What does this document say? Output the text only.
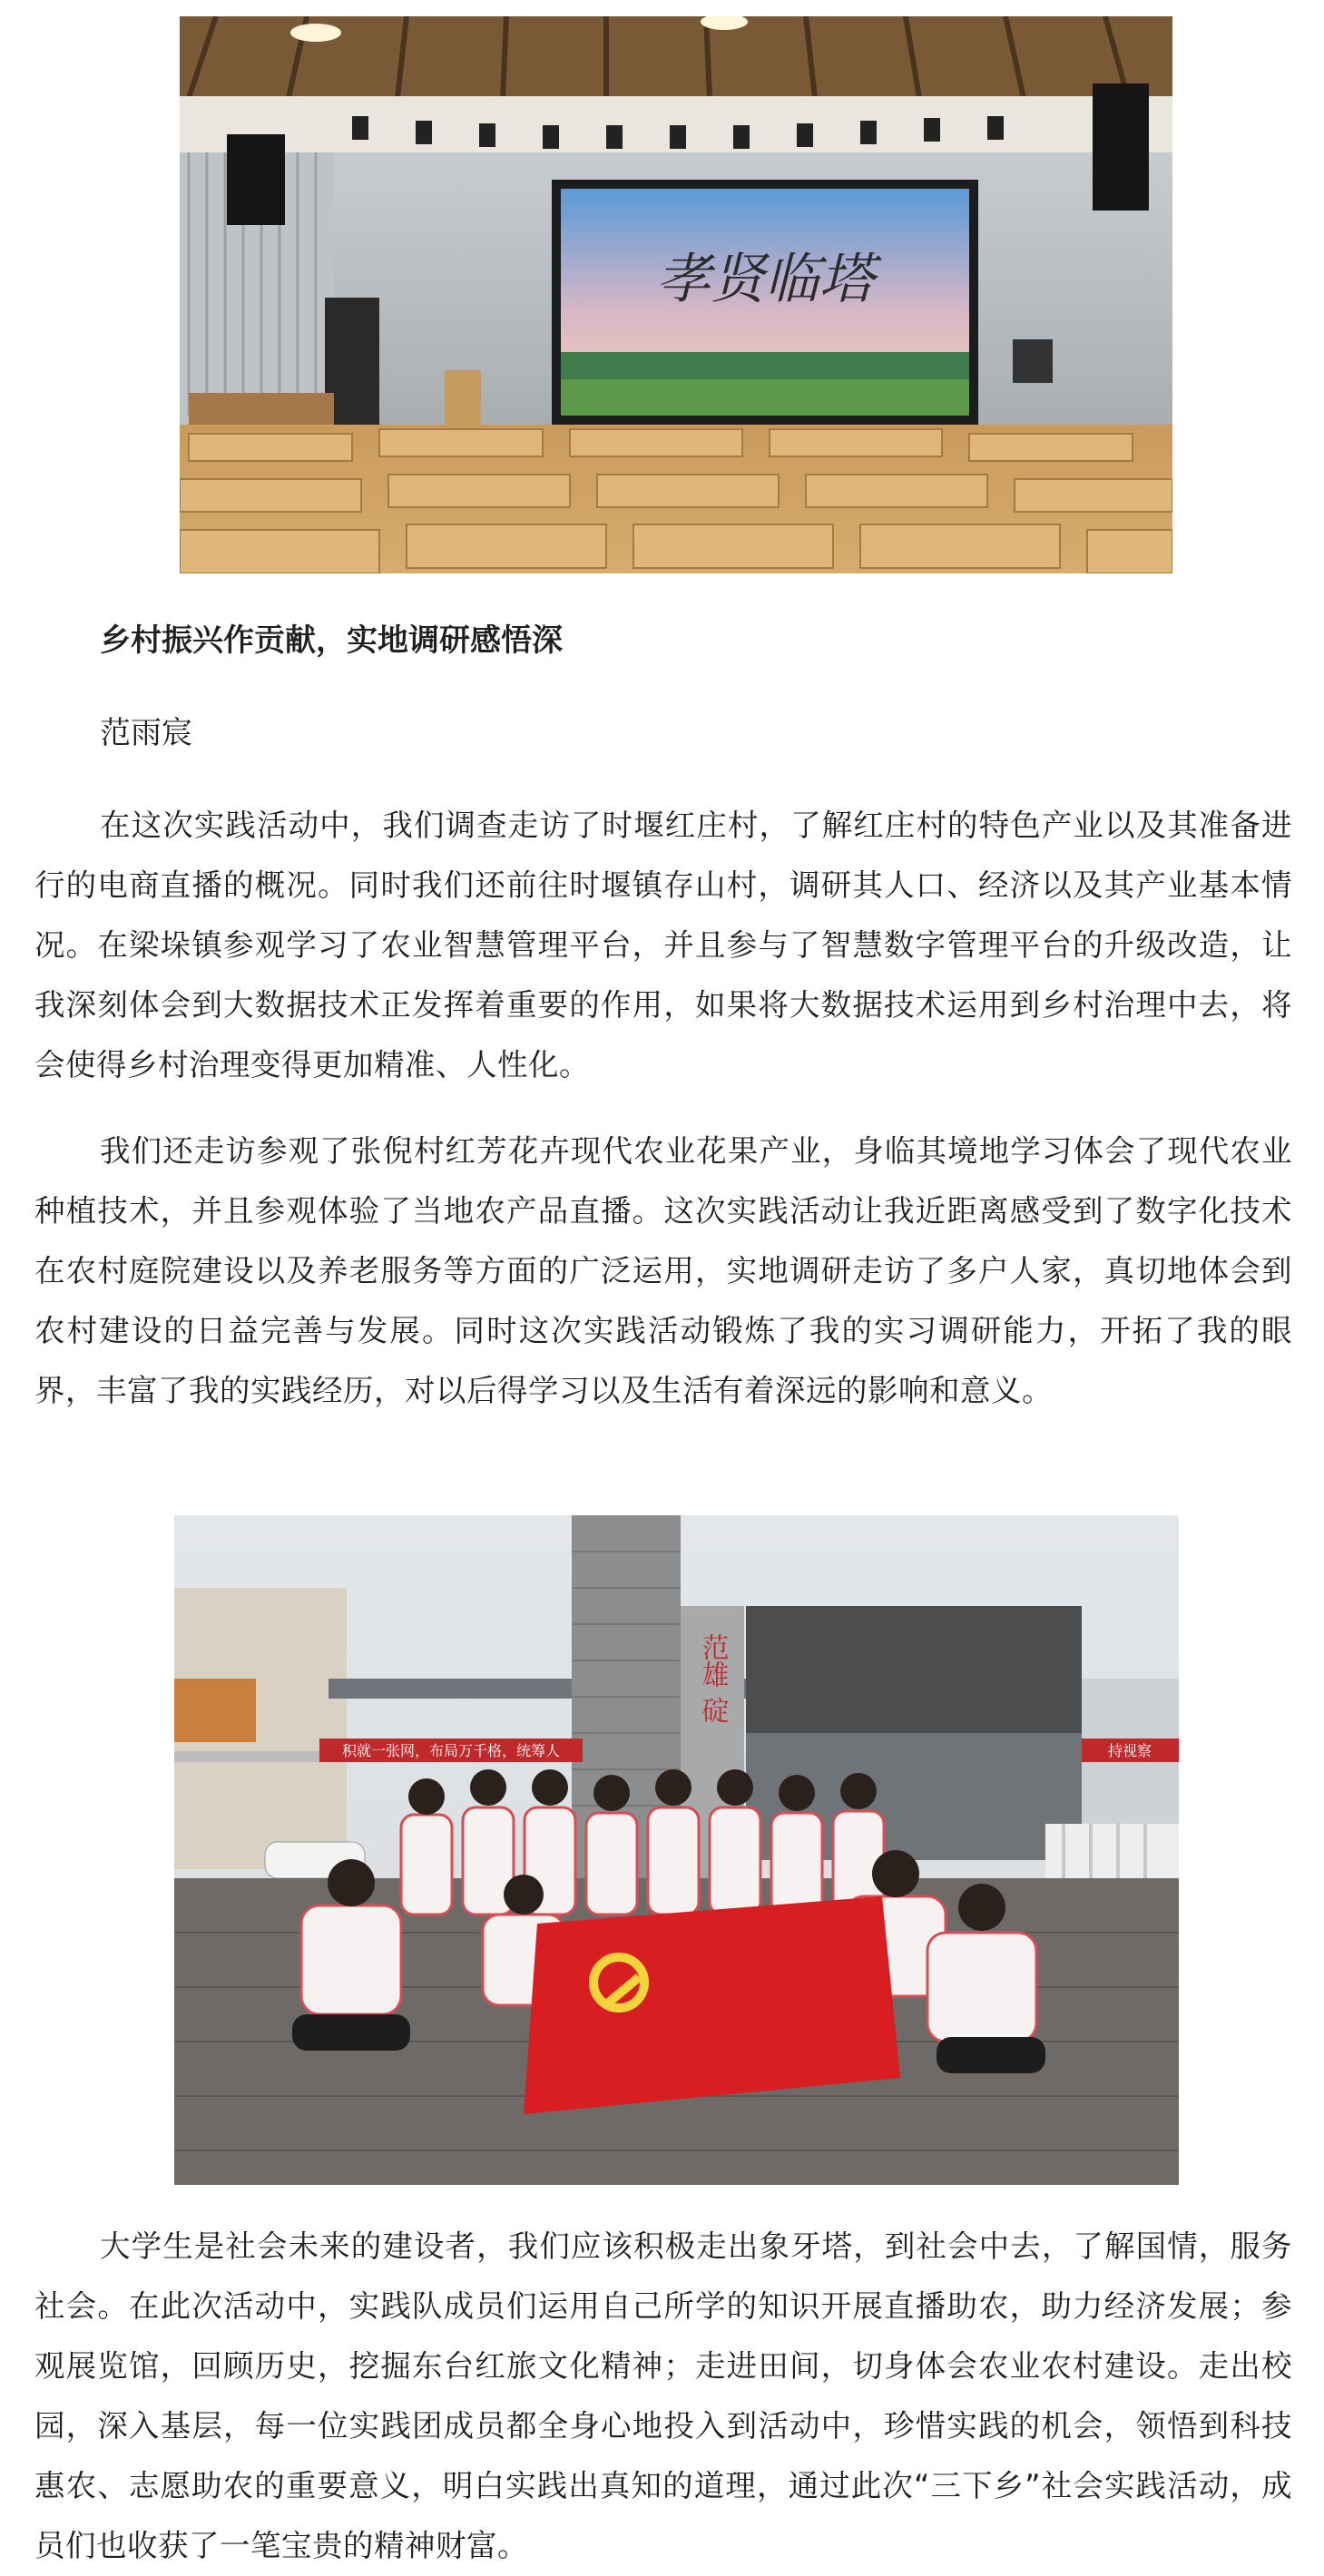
孝贤临塔

乡村振兴作贡献，实地调研感悟深

范雨宸

在这次实践活动中，我们调查走访了时堰红庄村，了解红庄村的特色产业以及其准备进行的电商直播的概况。同时我们还前往时堰镇存山村，调研其人口、经济以及其产业基本情况。在梁垛镇参观学习了农业智慧管理平台，并且参与了智慧数字管理平台的升级改造，让我深刻体会到大数据技术正发挥着重要的作用，如果将大数据技术运用到乡村治理中去，将会使得乡村治理变得更加精准、人性化。

我们还走访参观了张倪村红芳花卉现代农业花果产业，身临其境地学习体会了现代农业种植技术，并且参观体验了当地农产品直播。这次实践活动让我近距离感受到了数字化技术在农村庭院建设以及养老服务等方面的广泛运用，实地调研走访了多户人家，真切地体会到农村建设的日益完善与发展。同时这次实践活动锻炼了我的实习调研能力，开拓了我的眼界，丰富了我的实践经历，对以后得学习以及生活有着深远的影响和意义。

范雄 碇
积就一张网，布局万千格，统筹人	持视察

大学生是社会未来的建设者，我们应该积极走出象牙塔，到社会中去，了解国情，服务社会。在此次活动中，实践队成员们运用自己所学的知识开展直播助农，助力经济发展；参观展览馆，回顾历史，挖掘东台红旅文化精神；走进田间，切身体会农业农村建设。走出校园，深入基层，每一位实践团成员都全身心地投入到活动中，珍惜实践的机会，领悟到科技惠农、志愿助农的重要意义，明白实践出真知的道理，通过此次“三下乡”社会实践活动，成员们也收获了一笔宝贵的精神财富。
